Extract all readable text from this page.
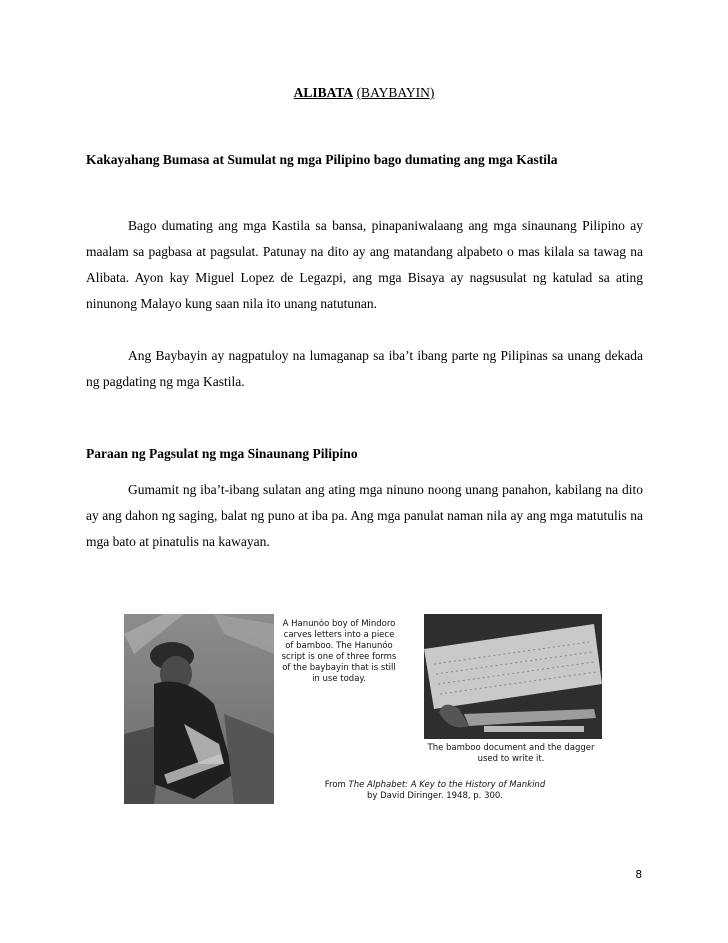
ALIBATA (BAYBAYIN)
Kakayahang Bumasa at Sumulat ng mga Pilipino bago dumating ang mga Kastila
Bago dumating ang mga Kastila sa bansa, pinapaniwalaang ang mga sinaunang Pilipino ay maalam sa pagbasa at pagsulat. Patunay na dito ay ang matandang alpabeto o mas kilala sa tawag na Alibata. Ayon kay Miguel Lopez de Legazpi, ang mga Bisaya ay nagsusulat ng katulad sa ating ninunong Malayo kung saan nila ito unang natutunan.
Ang Baybayin ay nagpatuloy na lumaganap sa iba’t ibang parte ng Pilipinas sa unang dekada ng pagdating ng mga Kastila.
Paraan ng Pagsulat ng mga Sinaunang Pilipino
Gumamit ng iba’t-ibang sulatan ang ating mga ninuno noong unang panahon, kabilang na dito ay ang dahon ng saging, balat ng puno at iba pa. Ang mga panulat naman nila ay ang mga matutulis na mga bato at pinatulis na kawayan.
A Hanunóo boy of Mindoro carves letters into a piece of bamboo. The Hanunóo script is one of three forms of the baybayin that is still in use today.
The bamboo document and the dagger used to write it.
From The Alphabet: A Key to the History of Mankind
by David Diringer. 1948, p. 300.
8
